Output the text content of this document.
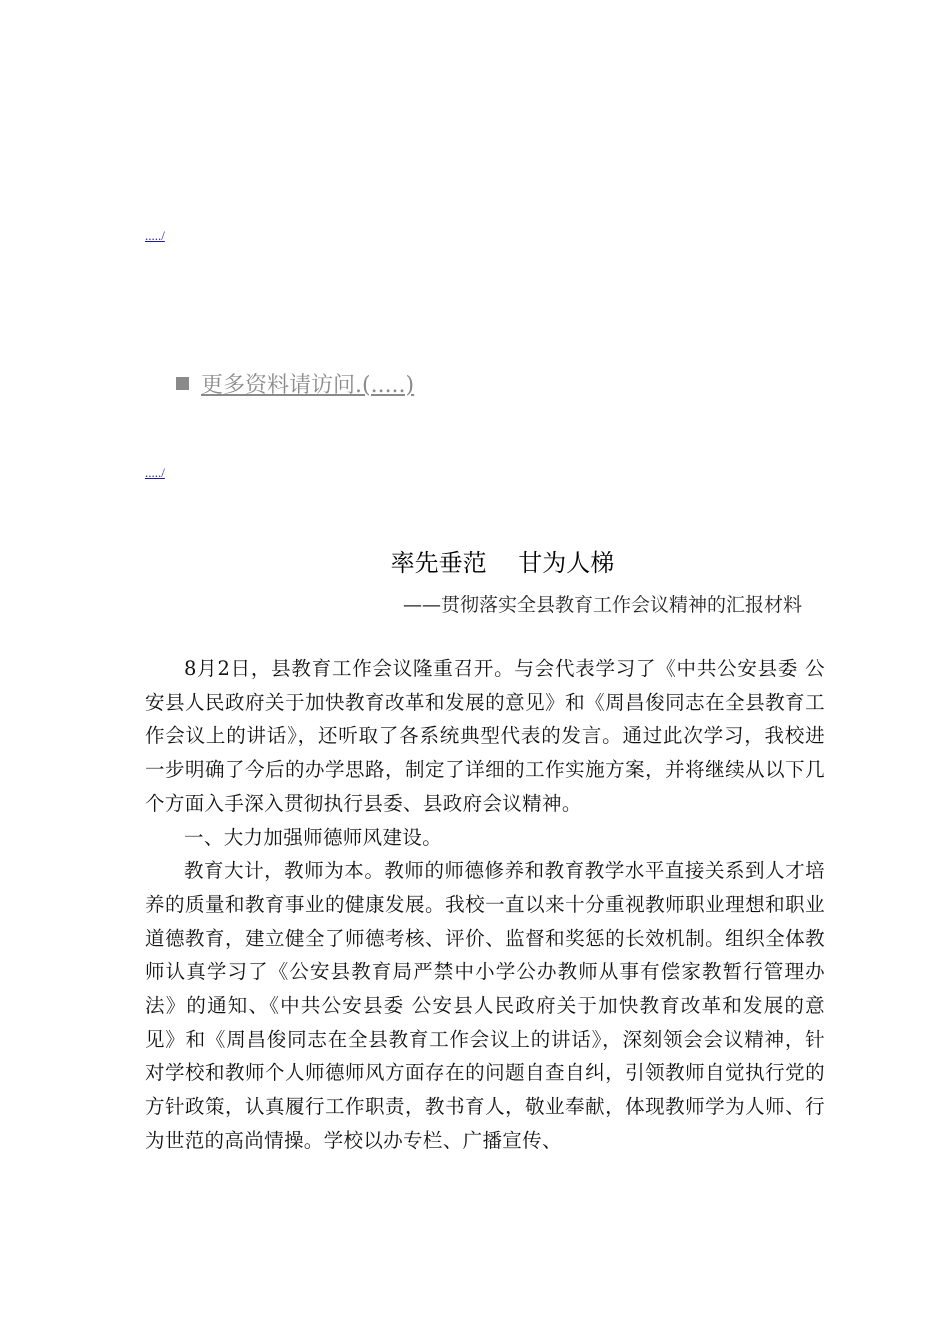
...../
更多资料请访问.(.....)
...../
率先垂范　 甘为人梯
——贯彻落实全县教育工作会议精神的汇报材料

8月2日，县教育工作会议隆重召开。与会代表学习了《中共公安县委 公安县人民政府关于加快教育改革和发展的意见》和《周昌俊同志在全县教育工作会议上的讲话》，还听取了各系统典型代表的发言。通过此次学习，我校进一步明确了今后的办学思路，制定了详细的工作实施方案，并将继续从以下几个方面入手深入贯彻执行县委、县政府会议精神。

一、大力加强师德师风建设。

教育大计，教师为本。教师的师德修养和教育教学水平直接关系到人才培养的质量和教育事业的健康发展。我校一直以来十分重视教师职业理想和职业道德教育，建立健全了师德考核、评价、监督和奖惩的长效机制。组织全体教师认真学习了《公安县教育局严禁中小学公办教师从事有偿家教暂行管理办法》的通知、《中共公安县委 公安县人民政府关于加快教育改革和发展的意见》和《周昌俊同志在全县教育工作会议上的讲话》，深刻领会会议精神，针对学校和教师个人师德师风方面存在的问题自查自纠，引领教师自觉执行党的方针政策，认真履行工作职责，教书育人，敬业奉献，体现教师学为人师、行为世范的高尚情操。学校以办专栏、广播宣传、
